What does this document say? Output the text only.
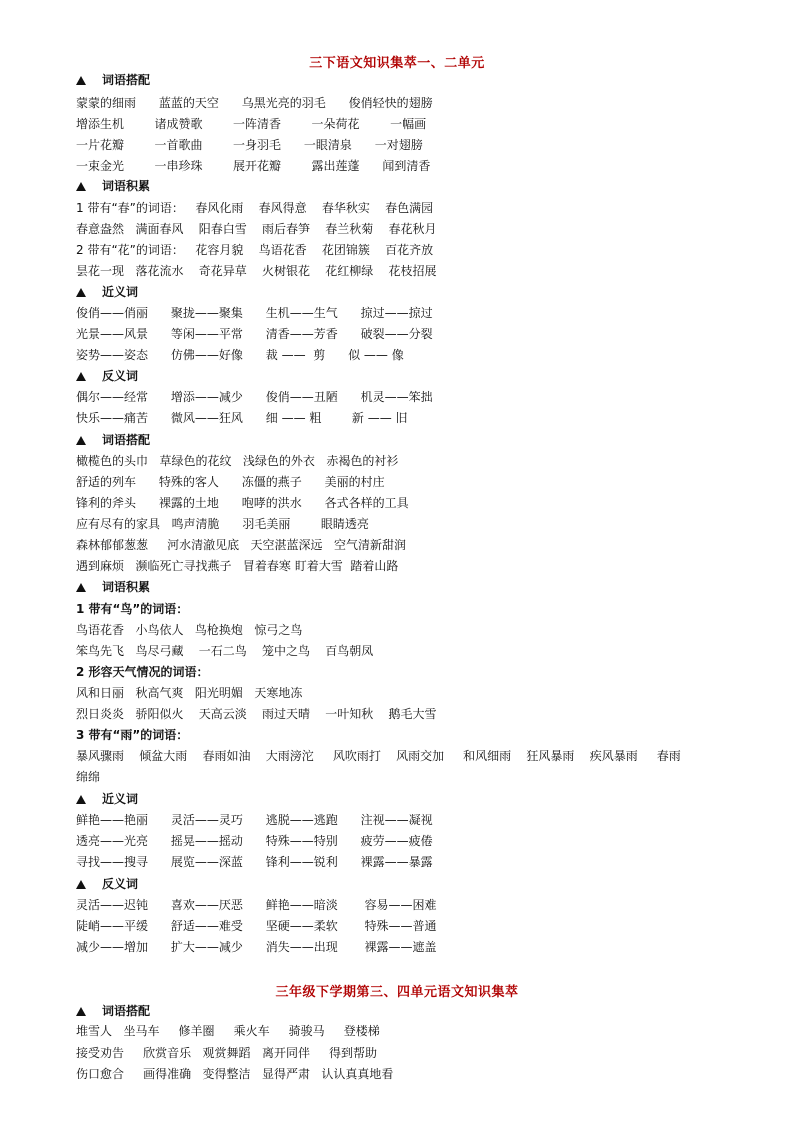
三下语文知识集萃一、二单元
三年级下学期第三、四单元语文知识集萃
词语搭配
蒙蒙的细雨      蓝蓝的天空      乌黑光亮的羽毛      俊俏轻快的翅膀
增添生机        诸成赞歌        一阵清香        一朵荷花        一幅画
一片花瓣        一首歌曲        一身羽毛      一眼清泉      一对翅膀
一束金光        一串珍珠        展开花瓣        露出莲蓬      闻到清香
词语积累
1 带有“春”的词语：   春风化雨    春风得意    春华秋实    春色满园
春意盎然   满面春风    阳春白雪    雨后春笋    春兰秋菊    春花秋月
2 带有“花”的词语：   花容月貌    鸟语花香    花团锦簇    百花齐放
昙花一现   落花流水    奇花异草    火树银花    花红柳绿    花枝招展
近义词
俊俏——俏丽      聚拢——聚集      生机——生气      掠过——掠过
光景——风景      等闲——平常      清香——芳香      破裂——分裂
姿势——姿态      仿佛——好像      裁 ——  剪      似 —— 像
反义词
偶尔——经常      增添——减少      俊俏——丑陋      机灵——笨拙
快乐——痛苦      微风——狂风      细 —— 粗        新 —— 旧
词语搭配
橄榄色的头巾   草绿色的花纹   浅绿色的外衣   赤褐色的衬衫
舒适的列车      特殊的客人      冻僵的燕子      美丽的村庄
锋利的斧头      裸露的土地      咆哮的洪水      各式各样的工具
应有尽有的家具   鸣声清脆      羽毛美丽        眼睛透亮
森林郁郁葱葱     河水清澈见底   天空湛蓝深远   空气清新甜润
遇到麻烦   濒临死亡寻找燕子   冒着春寒 盯着大雪  踏着山路
词语积累
1 带有“鸟”的词语：
鸟语花香   小鸟依人   鸟枪换炮   惊弓之鸟
笨鸟先飞   鸟尽弓藏    一石二鸟    笼中之鸟    百鸟朝凤
2 形容天气情况的词语：
风和日丽   秋高气爽   阳光明媚   天寒地冻
烈日炎炎   骄阳似火    天高云淡    雨过天晴    一叶知秋    鹅毛大雪
3 带有“雨”的词语：
暴风骤雨    倾盆大雨    春雨如油    大雨滂沱     风吹雨打    风雨交加     和风细雨    狂风暴雨    疾风暴雨     春雨
绵绵
近义词
鲜艳——艳丽      灵活——灵巧      逃脱——逃跑      注视——凝视
透亮——光亮      摇晃——摇动      特殊——特别      疲劳——疲倦
寻找——搜寻      展览——深蓝      锋利——锐利      裸露——暴露
反义词
灵活——迟钝      喜欢——厌恶      鲜艳——暗淡       容易——困难
陡峭——平缓      舒适——难受      坚硬——柔软       特殊——普通
减少——增加      扩大——减少      消失——出现       裸露——遮盖
词语搭配
堆雪人   坐马车     修羊圈     乘火车     骑骏马     登楼梯
接受劝告     欣赏音乐   观赏舞蹈   离开同伴     得到帮助
伤口愈合     画得准确   变得整洁   显得严肃   认认真真地看
